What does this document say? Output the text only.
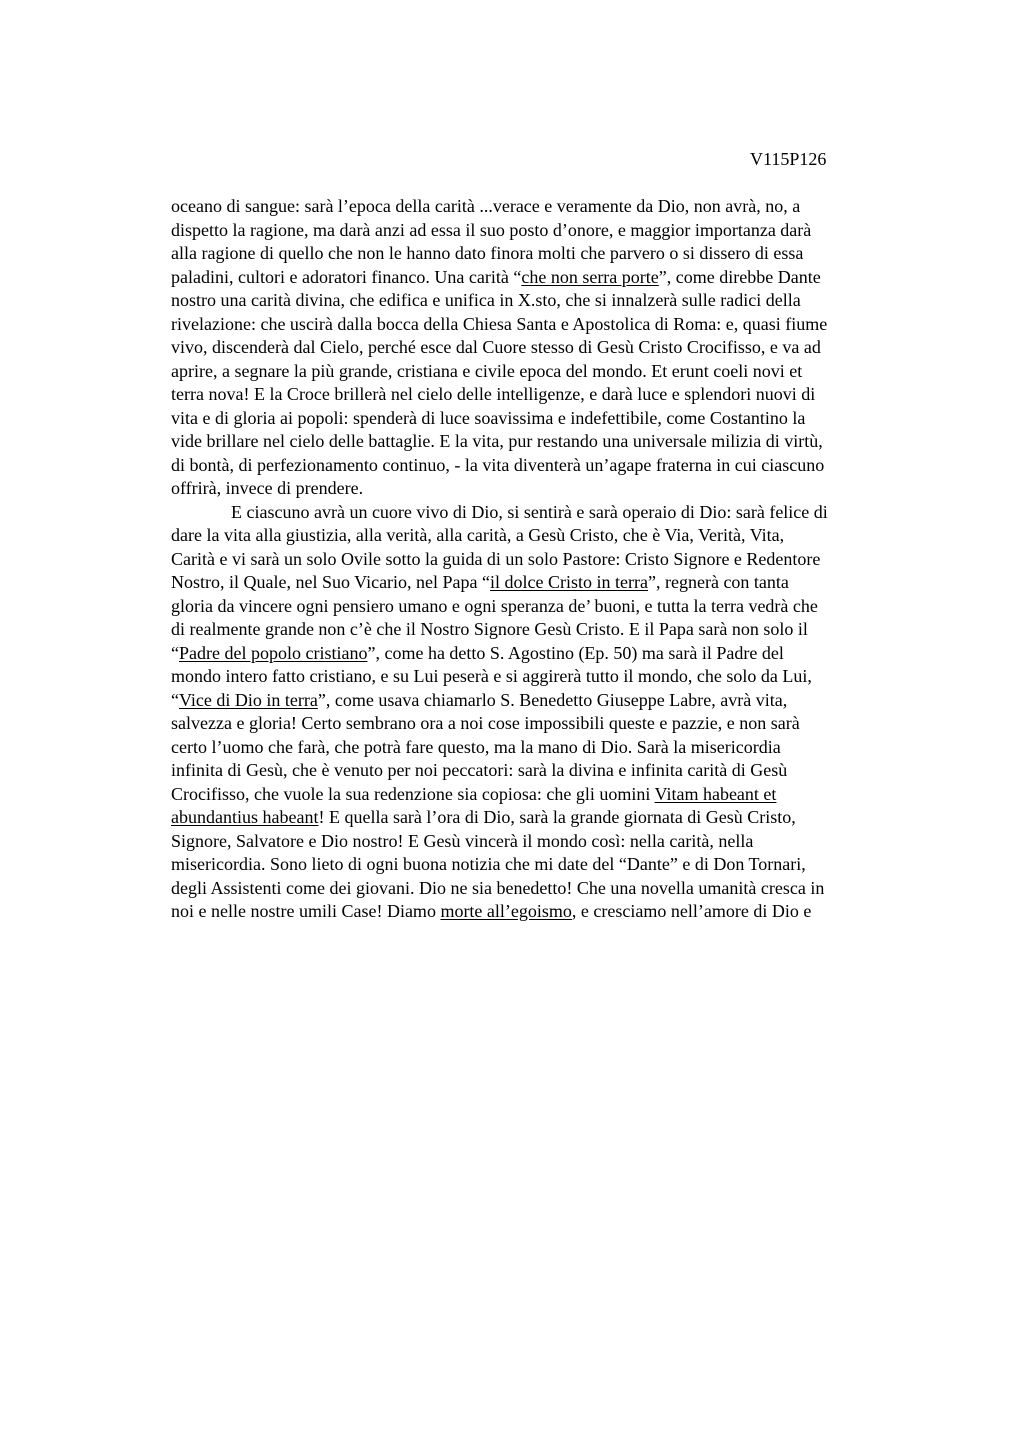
V115P126
oceano di sangue: sarà l’epoca della carità ...verace e veramente da Dio, non avrà, no, a
dispetto la ragione, ma darà anzi ad essa il suo posto d’onore, e maggior importanza darà
alla ragione di quello che non le hanno dato finora molti che parvero o si dissero di essa
paladini, cultori e adoratori financo. Una carità “che non serra porte”, come direbbe Dante
nostro una carità divina, che edifica e unifica in X.sto, che si innalzerà sulle radici della
rivelazione: che uscirà dalla bocca della Chiesa Santa e Apostolica di Roma: e, quasi fiume
vivo, discenderà dal Cielo, perché esce dal Cuore stesso di Gesù Cristo Crocifisso, e va ad
aprire, a segnare la più grande, cristiana e civile epoca del mondo. Et erunt coeli novi et
terra nova! E la Croce brillerà nel cielo delle intelligenze, e darà luce e splendori nuovi di
vita e di gloria ai popoli: spenderà di luce soavissima e indefettibile, come Costantino la
vide brillare nel cielo delle battaglie. E la vita, pur restando una universale milizia di virtù,
di bontà, di perfezionamento continuo, - la vita diventerà un’agape fraterna in cui ciascuno
offrirà, invece di prendere.
E ciascuno avrà un cuore vivo di Dio, si sentirà e sarà operaio di Dio: sarà felice di
dare la vita alla giustizia, alla verità, alla carità, a Gesù Cristo, che è Via, Verità, Vita,
Carità e vi sarà un solo Ovile sotto la guida di un solo Pastore: Cristo Signore e Redentore
Nostro, il Quale, nel Suo Vicario, nel Papa “il dolce Cristo in terra”, regnerà con tanta
gloria da vincere ogni pensiero umano e ogni speranza de’ buoni, e tutta la terra vedrà che
di realmente grande non c’è che il Nostro Signore Gesù Cristo. E il Papa sarà non solo il
“Padre del popolo cristiano”, come ha detto S. Agostino (Ep. 50) ma sarà il Padre del
mondo intero fatto cristiano, e su Lui peserà e si aggirerà tutto il mondo, che solo da Lui,
“Vice di Dio in terra”, come usava chiamarlo S. Benedetto Giuseppe Labre, avrà vita,
salvezza e gloria! Certo sembrano ora a noi cose impossibili queste e pazzie, e non sarà
certo l’uomo che farà, che potrà fare questo, ma la mano di Dio. Sarà la misericordia
infinita di Gesù, che è venuto per noi peccatori: sarà la divina e infinita carità di Gesù
Crocifisso, che vuole la sua redenzione sia copiosa: che gli uomini Vitam habeant et
abundantius habeant! E quella sarà l’ora di Dio, sarà la grande giornata di Gesù Cristo,
Signore, Salvatore e Dio nostro! E Gesù vincerà il mondo così: nella carità, nella
misericordia. Sono lieto di ogni buona notizia che mi date del “Dante” e di Don Tornari,
degli Assistenti come dei giovani. Dio ne sia benedetto! Che una novella umanità cresca in
noi e nelle nostre umili Case! Diamo morte all’egoismo, e cresciamo nell’amore di Dio e
